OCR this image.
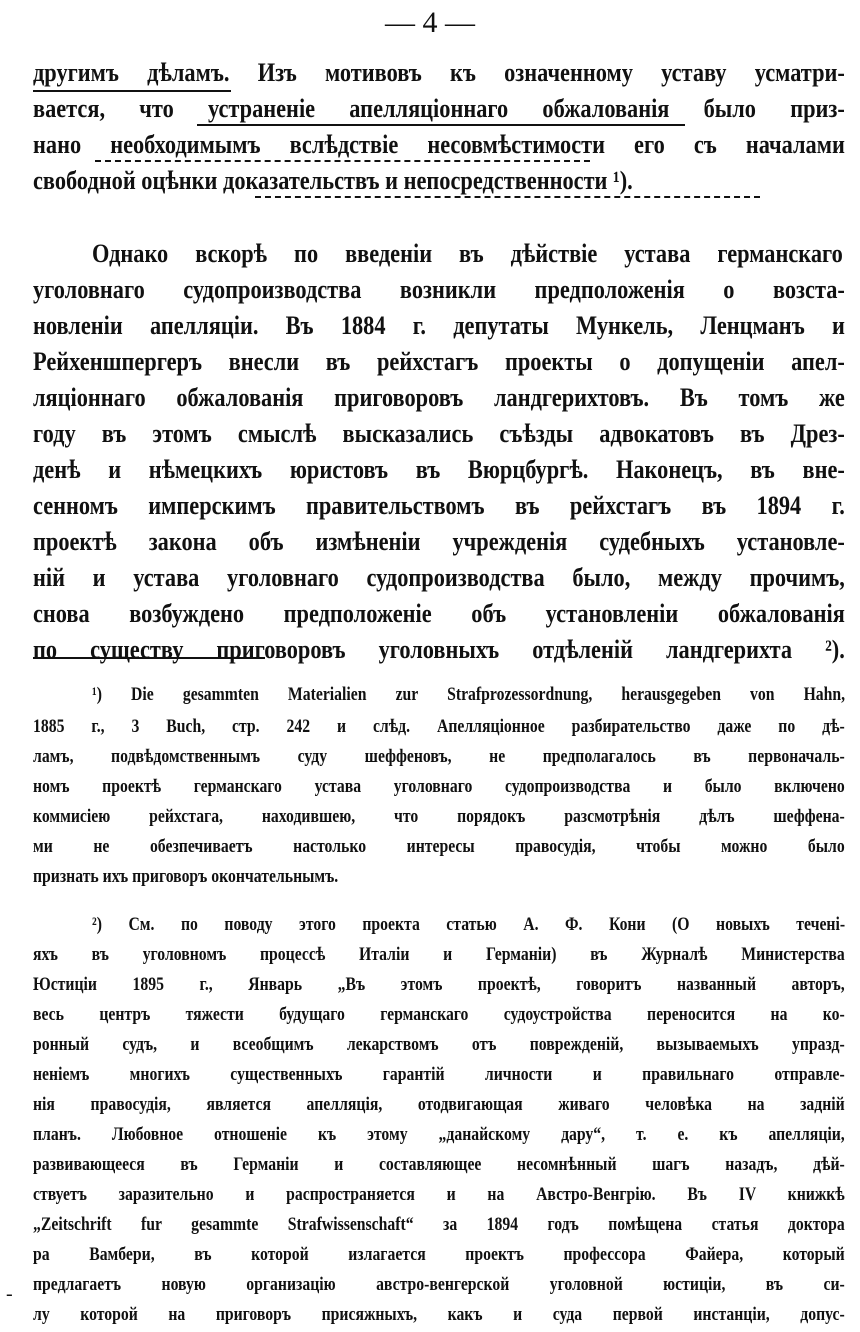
— 4 —

другимъ дѣламъ. Изъ мотивовъ къ означенному уставу усматри-

вается, что устраненіе апелляціоннаго обжалованія было приз-

нано необходимымъ вслѣдствіе несовмѣстимости его съ началами

свободной оцѣнки доказательствъ и непосредственности ¹).

Однако вскорѣ по введеніи въ дѣйствіе устава германскаго

уголовнаго судопроизводства возникли предположенія о возста-

новленіи апелляціи. Въ 1884 г. депутаты Мункель, Ленцманъ и

Рейхеншпергеръ внесли въ рейхстагъ проекты о допущеніи апел-

ляціоннаго обжалованія приговоровъ ландгерихтовъ. Въ томъ же

году въ этомъ смыслѣ высказались съѣзды адвокатовъ въ Дрез-

денѣ и нѣмецкихъ юристовъ въ Вюрцбургѣ. Наконецъ, въ вне-

сенномъ имперскимъ правительствомъ въ рейхстагъ въ 1894 г.

проектѣ закона объ измѣненіи учрежденія судебныхъ установле-

ній и устава уголовнаго судопроизводства было, между прочимъ,

снова возбуждено предположеніе объ установленіи обжалованія

по существу приговоровъ уголовныхъ отдѣленій ландгерихта ²).

¹) Die gesammten Materialien zur Strafprozessordnung, herausgegeben von Hahn,

1885 г., 3 Buch, стр. 242 и слѣд. Апелляціонное разбирательство даже по дѣ-

ламъ, подвѣдомственнымъ суду шеффеновъ, не предполагалось въ первоначаль-

номъ проектѣ германскаго устава уголовнаго судопроизводства и было включено

коммисіею рейхстага, находившею, что порядокъ разсмотрѣнія дѣлъ шеффена-

ми не обезпечиваетъ настолько интересы правосудія, чтобы можно было

признать ихъ приговоръ окончательнымъ.

²) См. по поводу этого проекта статью А. Ф. Кони (О новыхъ теченi-

яхъ въ уголовномъ процессѣ Италіи и Германіи) въ Журналѣ Министерства

Юстиціи 1895 г., Январь „Въ этомъ проектѣ, говоритъ названный авторъ,

весь центръ тяжести будущаго германскаго судоустройства переносится на ко-

ронный судъ, и всеобщимъ лекарствомъ отъ поврежденій, вызываемыхъ упразд-

неніемъ многихъ существенныхъ гарантій личности и правильнаго отправле-

нія правосудія, является апелляція, отодвигающая живаго человѣка на задній

планъ. Любовное отношеніе къ этому „данайскому дару“, т. е. къ апелляціи,

развивающееся въ Германіи и составляющее несомнѣнный шагъ назадъ, дѣй-

ствуетъ заразительно и распространяется и на Австро-Венгрію. Въ IV книжкѣ

„Zeitschrift fur gesammte Strafwissenschaft“ за 1894 годъ помѣщена статья доктора

ра Вамбери, въ которой излагается проектъ профессора Файера, который

предлагаетъ новую организацію австро-венгерской уголовной юстиціи, въ си-

лу которой на приговоръ присяжныхъ, какъ и суда первой инстанціи, допус-

-
